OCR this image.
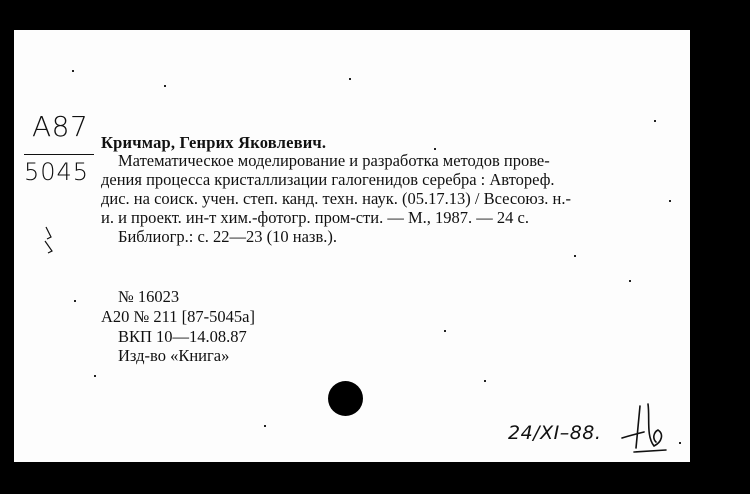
А87
5045
Кричмар, Генрих Яковлевич.
Математическое моделирование и разработка методов прове-
дения процесса кристаллизации галогенидов серебра : Автореф.
дис. на соиск. учен. степ. канд. техн. наук. (05.17.13) / Всесоюз. н.-
и. и проект. ин-т хим.-фотогр. пром-сти. — М., 1987. — 24 с.
Библиогр.: с. 22—23 (10 назв.).
№ 16023
А20 № 211 [87-5045а]
ВКП 10—14.08.87
Изд-во «Книга»
24/XI–88.
